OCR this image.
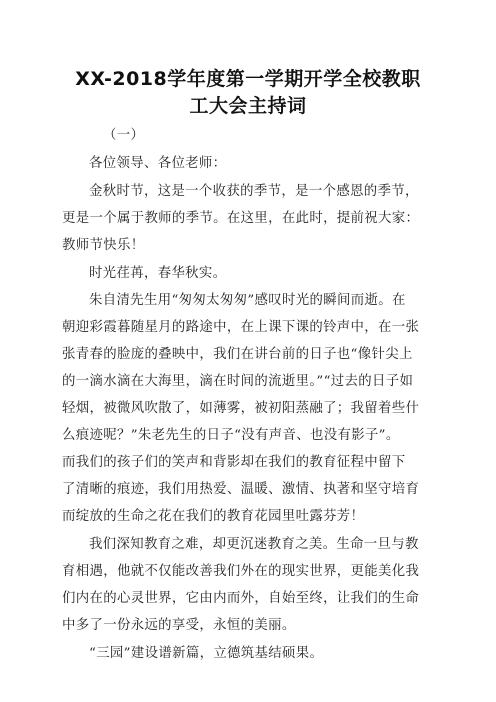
XX-2018学年度第一学期开学全校教职
工大会主持词
（一）
各位领导、各位老师：
金秋时节，这是一个收获的季节，是一个感恩的季节，
更是一个属于教师的季节。在这里，在此时，提前祝大家：
教师节快乐！
时光荏苒，春华秋实。
朱自清先生用“匆匆太匆匆”感叹时光的瞬间而逝。在
朝迎彩霞暮随星月的路途中，在上课下课的铃声中，在一张
张青春的脸庞的叠映中，我们在讲台前的日子也“像针尖上
的一滴水滴在大海里，滴在时间的流逝里。”“过去的日子如
轻烟，被微风吹散了，如薄雾，被初阳蒸融了；我留着些什
么痕迹呢？”朱老先生的日子“没有声音、也没有影子”。
而我们的孩子们的笑声和背影却在我们的教育征程中留下
了清晰的痕迹，我们用热爱、温暖、激情、执著和坚守培育
而绽放的生命之花在我们的教育花园里吐露芬芳！
我们深知教育之难，却更沉迷教育之美。生命一旦与教
育相遇，他就不仅能改善我们外在的现实世界，更能美化我
们内在的心灵世界，它由内而外，自始至终，让我们的生命
中多了一份永远的享受，永恒的美丽。
“三园”建设谱新篇，立德筑基结硕果。
